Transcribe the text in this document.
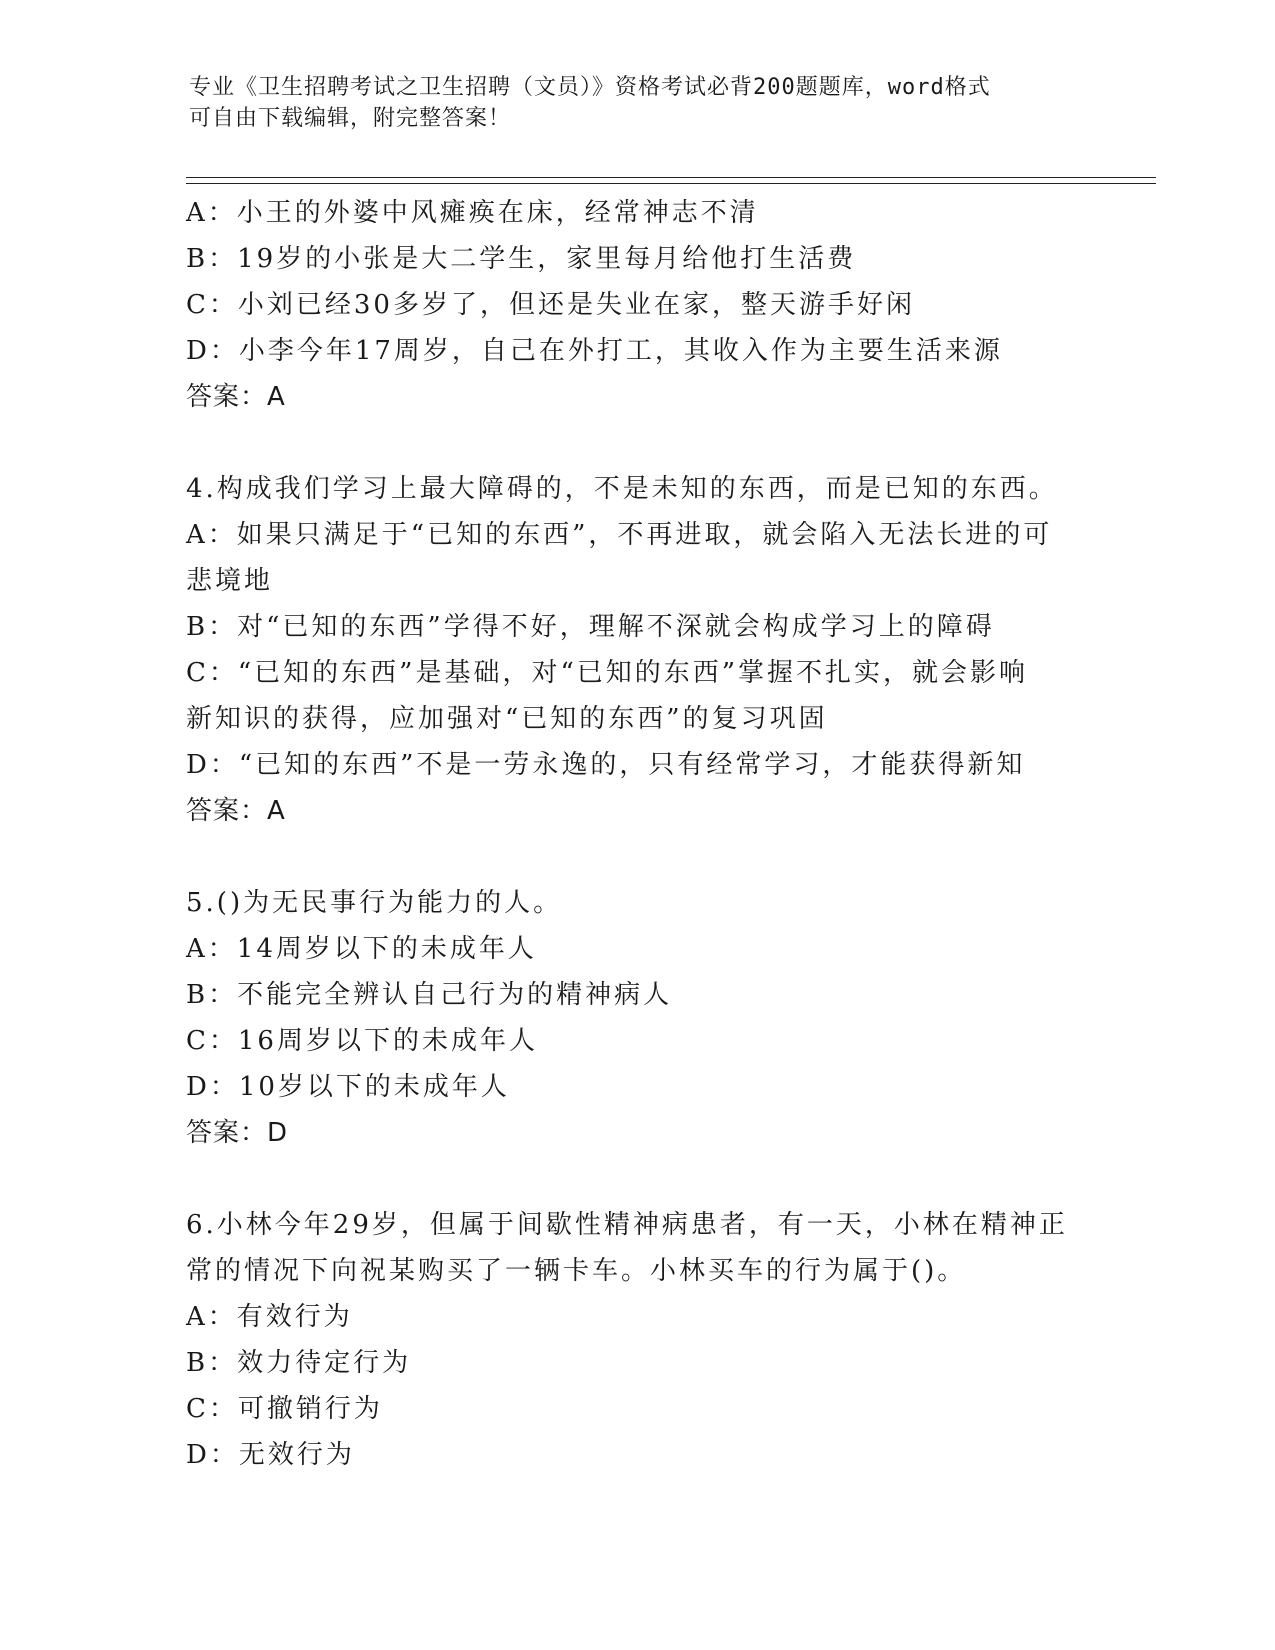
专业《卫生招聘考试之卫生招聘（文员）》资格考试必背200题题库，word格式
可自由下载编辑，附完整答案！
A：小王的外婆中风瘫痪在床，经常神志不清
B：19岁的小张是大二学生，家里每月给他打生活费
C：小刘已经30多岁了，但还是失业在家，整天游手好闲
D：小李今年17周岁，自己在外打工，其收入作为主要生活来源
答案：A
4.构成我们学习上最大障碍的，不是未知的东西，而是已知的东西。
A：如果只满足于“已知的东西”，不再进取，就会陷入无法长进的可
悲境地
B：对“已知的东西”学得不好，理解不深就会构成学习上的障碍
C：“已知的东西”是基础，对“已知的东西”掌握不扎实，就会影响
新知识的获得，应加强对“已知的东西”的复习巩固
D：“已知的东西”不是一劳永逸的，只有经常学习，才能获得新知
答案：A
5.()为无民事行为能力的人。
A：14周岁以下的未成年人
B：不能完全辨认自己行为的精神病人
C：16周岁以下的未成年人
D：10岁以下的未成年人
答案：D
6.小林今年29岁，但属于间歇性精神病患者，有一天，小林在精神正
常的情况下向祝某购买了一辆卡车。小林买车的行为属于()。
A：有效行为
B：效力待定行为
C：可撤销行为
D：无效行为
